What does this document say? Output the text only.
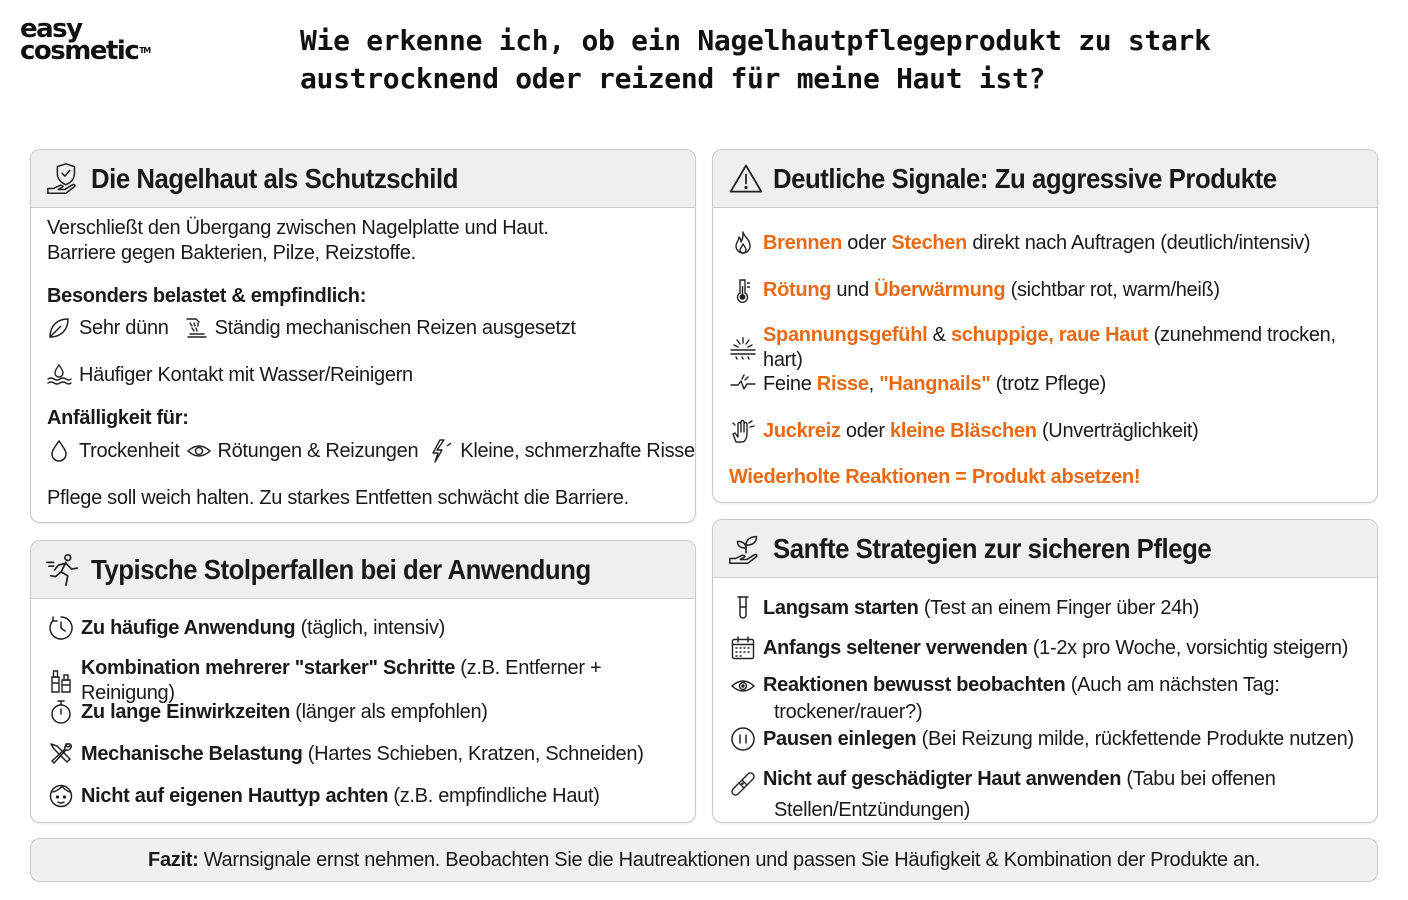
easy
cosmetic™	Wie erkenne ich, ob ein Nagelhautpflegeprodukt zu stark
austrocknend oder reizend für meine Haut ist?
Die Nagelhaut als Schutzschild
Verschließt den Übergang zwischen Nagelplatte und Haut.
Barriere gegen Bakterien, Pilze, Reizstoffe.
Besonders belastet & empfindlich:
Sehr dünn Ständig mechanischen Reizen ausgesetzt
Häufiger Kontakt mit Wasser/Reinigern
Anfälligkeit für:
Trockenheit Rötungen & Reizungen Kleine, schmerzhafte Risse
Pflege soll weich halten. Zu starkes Entfetten schwächt die Barriere.
Deutliche Signale: Zu aggressive Produkte
Brennen oder Stechen direkt nach Auftragen (deutlich/intensiv)
Rötung und Überwärmung (sichtbar rot, warm/heiß)
Spannungsgefühl & schuppige, raue Haut (zunehmend trocken, hart)
Feine Risse, "Hangnails" (trotz Pflege)
Juckreiz oder kleine Bläschen (Unverträglichkeit)
Wiederholte Reaktionen = Produkt absetzen!
Typische Stolperfallen bei der Anwendung
Zu häufige Anwendung (täglich, intensiv)
Kombination mehrerer "starker" Schritte (z.B. Entferner + Reinigung)
Zu lange Einwirkzeiten (länger als empfohlen)
Mechanische Belastung (Hartes Schieben, Kratzen, Schneiden)
Nicht auf eigenen Hauttyp achten (z.B. empfindliche Haut)
Sanfte Strategien zur sicheren Pflege
Langsam starten (Test an einem Finger über 24h)
Anfangs seltener verwenden (1-2x pro Woche, vorsichtig steigern)
Reaktionen bewusst beobachten (Auch am nächsten Tag:
trockener/rauer?)
Pausen einlegen (Bei Reizung milde, rückfettende Produkte nutzen)
Nicht auf geschädigter Haut anwenden (Tabu bei offenen
Stellen/Entzündungen)
Fazit: Warnsignale ernst nehmen. Beobachten Sie die Hautreaktionen und passen Sie Häufigkeit & Kombination der Produkte an.
